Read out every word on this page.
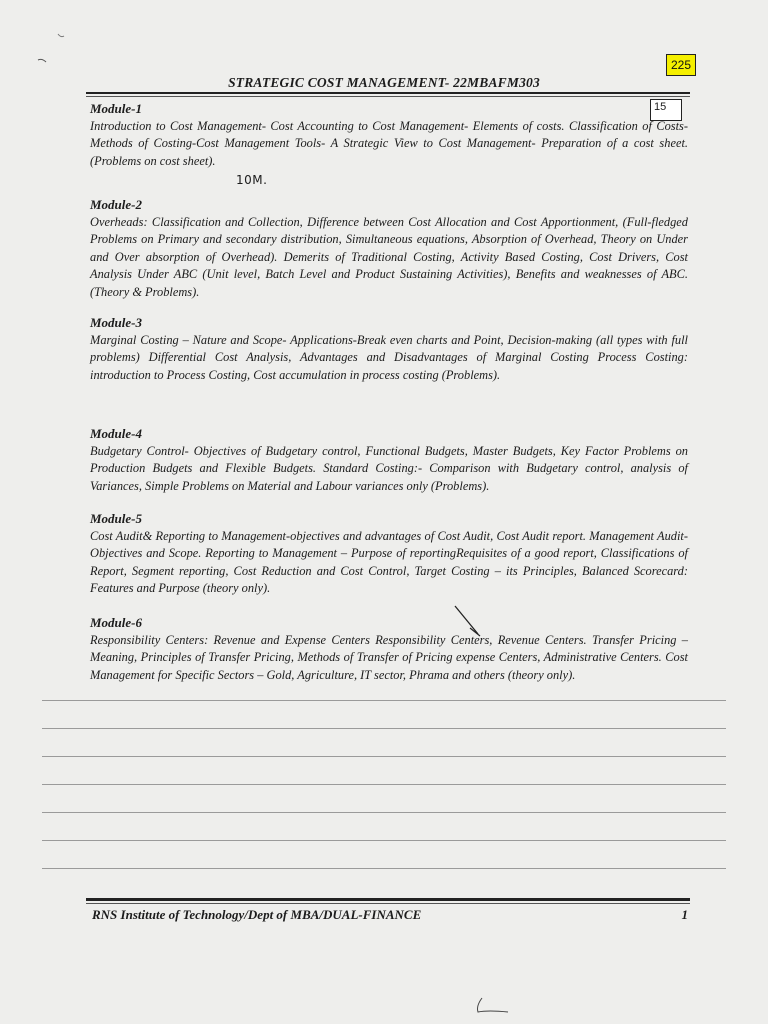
225
STRATEGIC COST MANAGEMENT- 22MBAFM303
15
Module-1
Introduction to Cost Management- Cost Accounting to Cost Management- Elements of costs. Classification of Costs-Methods of Costing-Cost Management Tools- A Strategic View to Cost Management- Preparation of a cost sheet. (Problems on cost sheet).
Module-2
Overheads: Classification and Collection, Difference between Cost Allocation and Cost Apportionment, (Full-fledged Problems on Primary and secondary distribution, Simultaneous equations, Absorption of Overhead, Theory on Under and Over absorption of Overhead). Demerits of Traditional Costing, Activity Based Costing, Cost Drivers, Cost Analysis Under ABC (Unit level, Batch Level and Product Sustaining Activities), Benefits and weaknesses of ABC. (Theory & Problems).
Module-3
Marginal Costing – Nature and Scope- Applications-Break even charts and Point, Decision-making (all types with full problems) Differential Cost Analysis, Advantages and Disadvantages of Marginal Costing Process Costing: introduction to Process Costing, Cost accumulation in process costing (Problems).
Module-4
Budgetary Control- Objectives of Budgetary control, Functional Budgets, Master Budgets, Key Factor Problems on Production Budgets and Flexible Budgets. Standard Costing:- Comparison with Budgetary control, analysis of Variances, Simple Problems on Material and Labour variances only (Problems).
Module-5
Cost Audit& Reporting to Management-objectives and advantages of Cost Audit, Cost Audit report. Management Audit- Objectives and Scope. Reporting to Management – Purpose of reportingRequisites of a good report, Classifications of Report, Segment reporting, Cost Reduction and Cost Control, Target Costing – its Principles, Balanced Scorecard: Features and Purpose (theory only).
Module-6
Responsibility Centers: Revenue and Expense Centers Responsibility Centers, Revenue Centers. Transfer Pricing – Meaning, Principles of Transfer Pricing, Methods of Transfer of Pricing expense Centers, Administrative Centers. Cost Management for Specific Sectors – Gold, Agriculture, IT sector, Phrama and others (theory only).
10M.
RNS Institute of Technology/Dept of MBA/DUAL-FINANCE	1
